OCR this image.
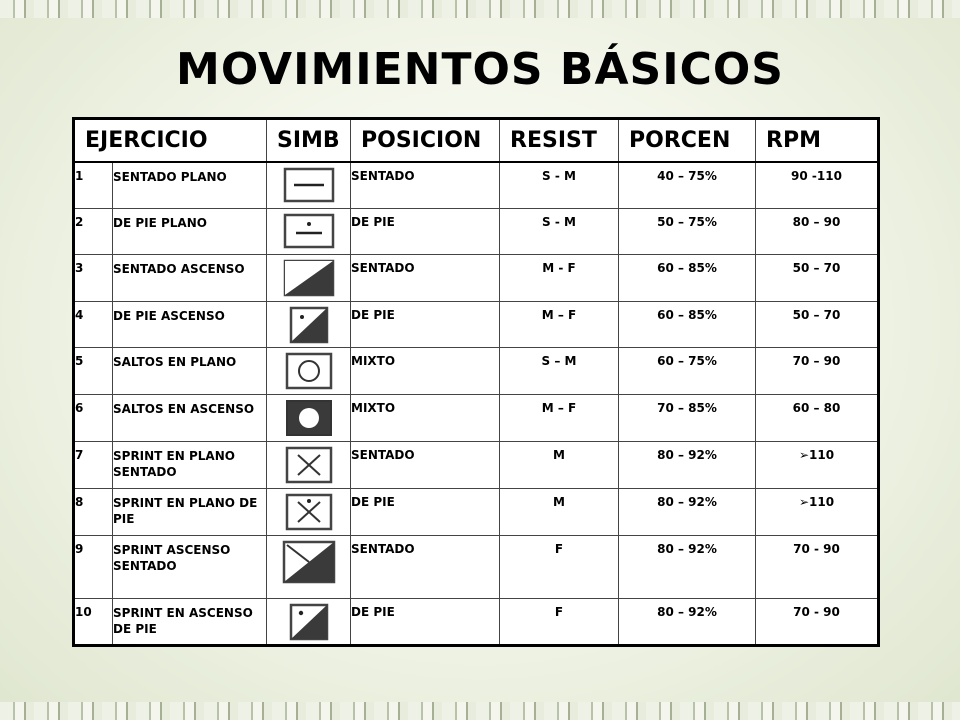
MOVIMIENTOS BÁSICOS
EJERCICIO		SIMB	POSICION	RESIST	PORCEN	RPM
1	SENTADO PLANO		SENTADO	S - M	40 – 75%	90 -110
2	DE PIE PLANO		DE PIE	S - M	50 – 75%	80 – 90
3	SENTADO ASCENSO		SENTADO	M - F	60 – 85%	50 – 70
4	DE PIE ASCENSO		DE PIE	M – F	60 – 85%	50 – 70
5	SALTOS EN PLANO		MIXTO	S – M	60 – 75%	70 – 90
6	SALTOS EN ASCENSO		MIXTO	M – F	70 – 85%	60 – 80
7	SPRINT EN PLANO SENTADO		SENTADO	M	80 – 92%	➢110
8	SPRINT EN PLANO DE PIE		DE PIE	M	80 – 92%	➢110
9	SPRINT ASCENSO SENTADO		SENTADO	F	80 – 92%	70 - 90
10	SPRINT EN ASCENSO DE PIE		DE PIE	F	80 – 92%	70 - 90
